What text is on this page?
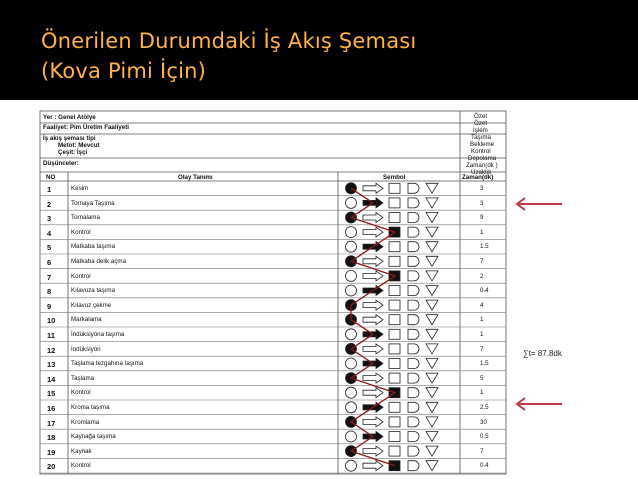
Önerilen Durumdaki İş Akış Şeması
(Kova Pimi İçin)
Yer : Genel Atölye
Faaliyet: Pim Üretim Faaliyeti
İş akış şeması tipi
Metot: Mevcut
Çeşit: İşçi
Düşünceler:
Özet
Özet
İşlem
Taşıma
Bekleme
Kontrol
Depolama
Zaman(dk )
Uzaklık
NO	Olay Tanımı	Sembol	Zaman(dk)
1	Kesim	3
2	Tornaya Taşıma	3
3	Tornalama	9
4	Kontrol	1
5	Matkaba taşıma	1.5
6	Matkaba delik açma	7
7	Kontrol	2
8	Kılavuza taşıma	0.4
9	Kılavuz çekme	4
10	Markalama	1
11	İndüksiyona taşıma	1
12	İndüksiyon	7
13	Taşlama tezgahına taşıma	1.5
14	Taşlama	5
15	Kontrol	1
16	Kroma taşıma	2.5
17	Kromlama	30
18	Kaynağa taşıma	0.5
19	Kaynak	7
20	Kontrol	0.4
∑t= 87.8dk
